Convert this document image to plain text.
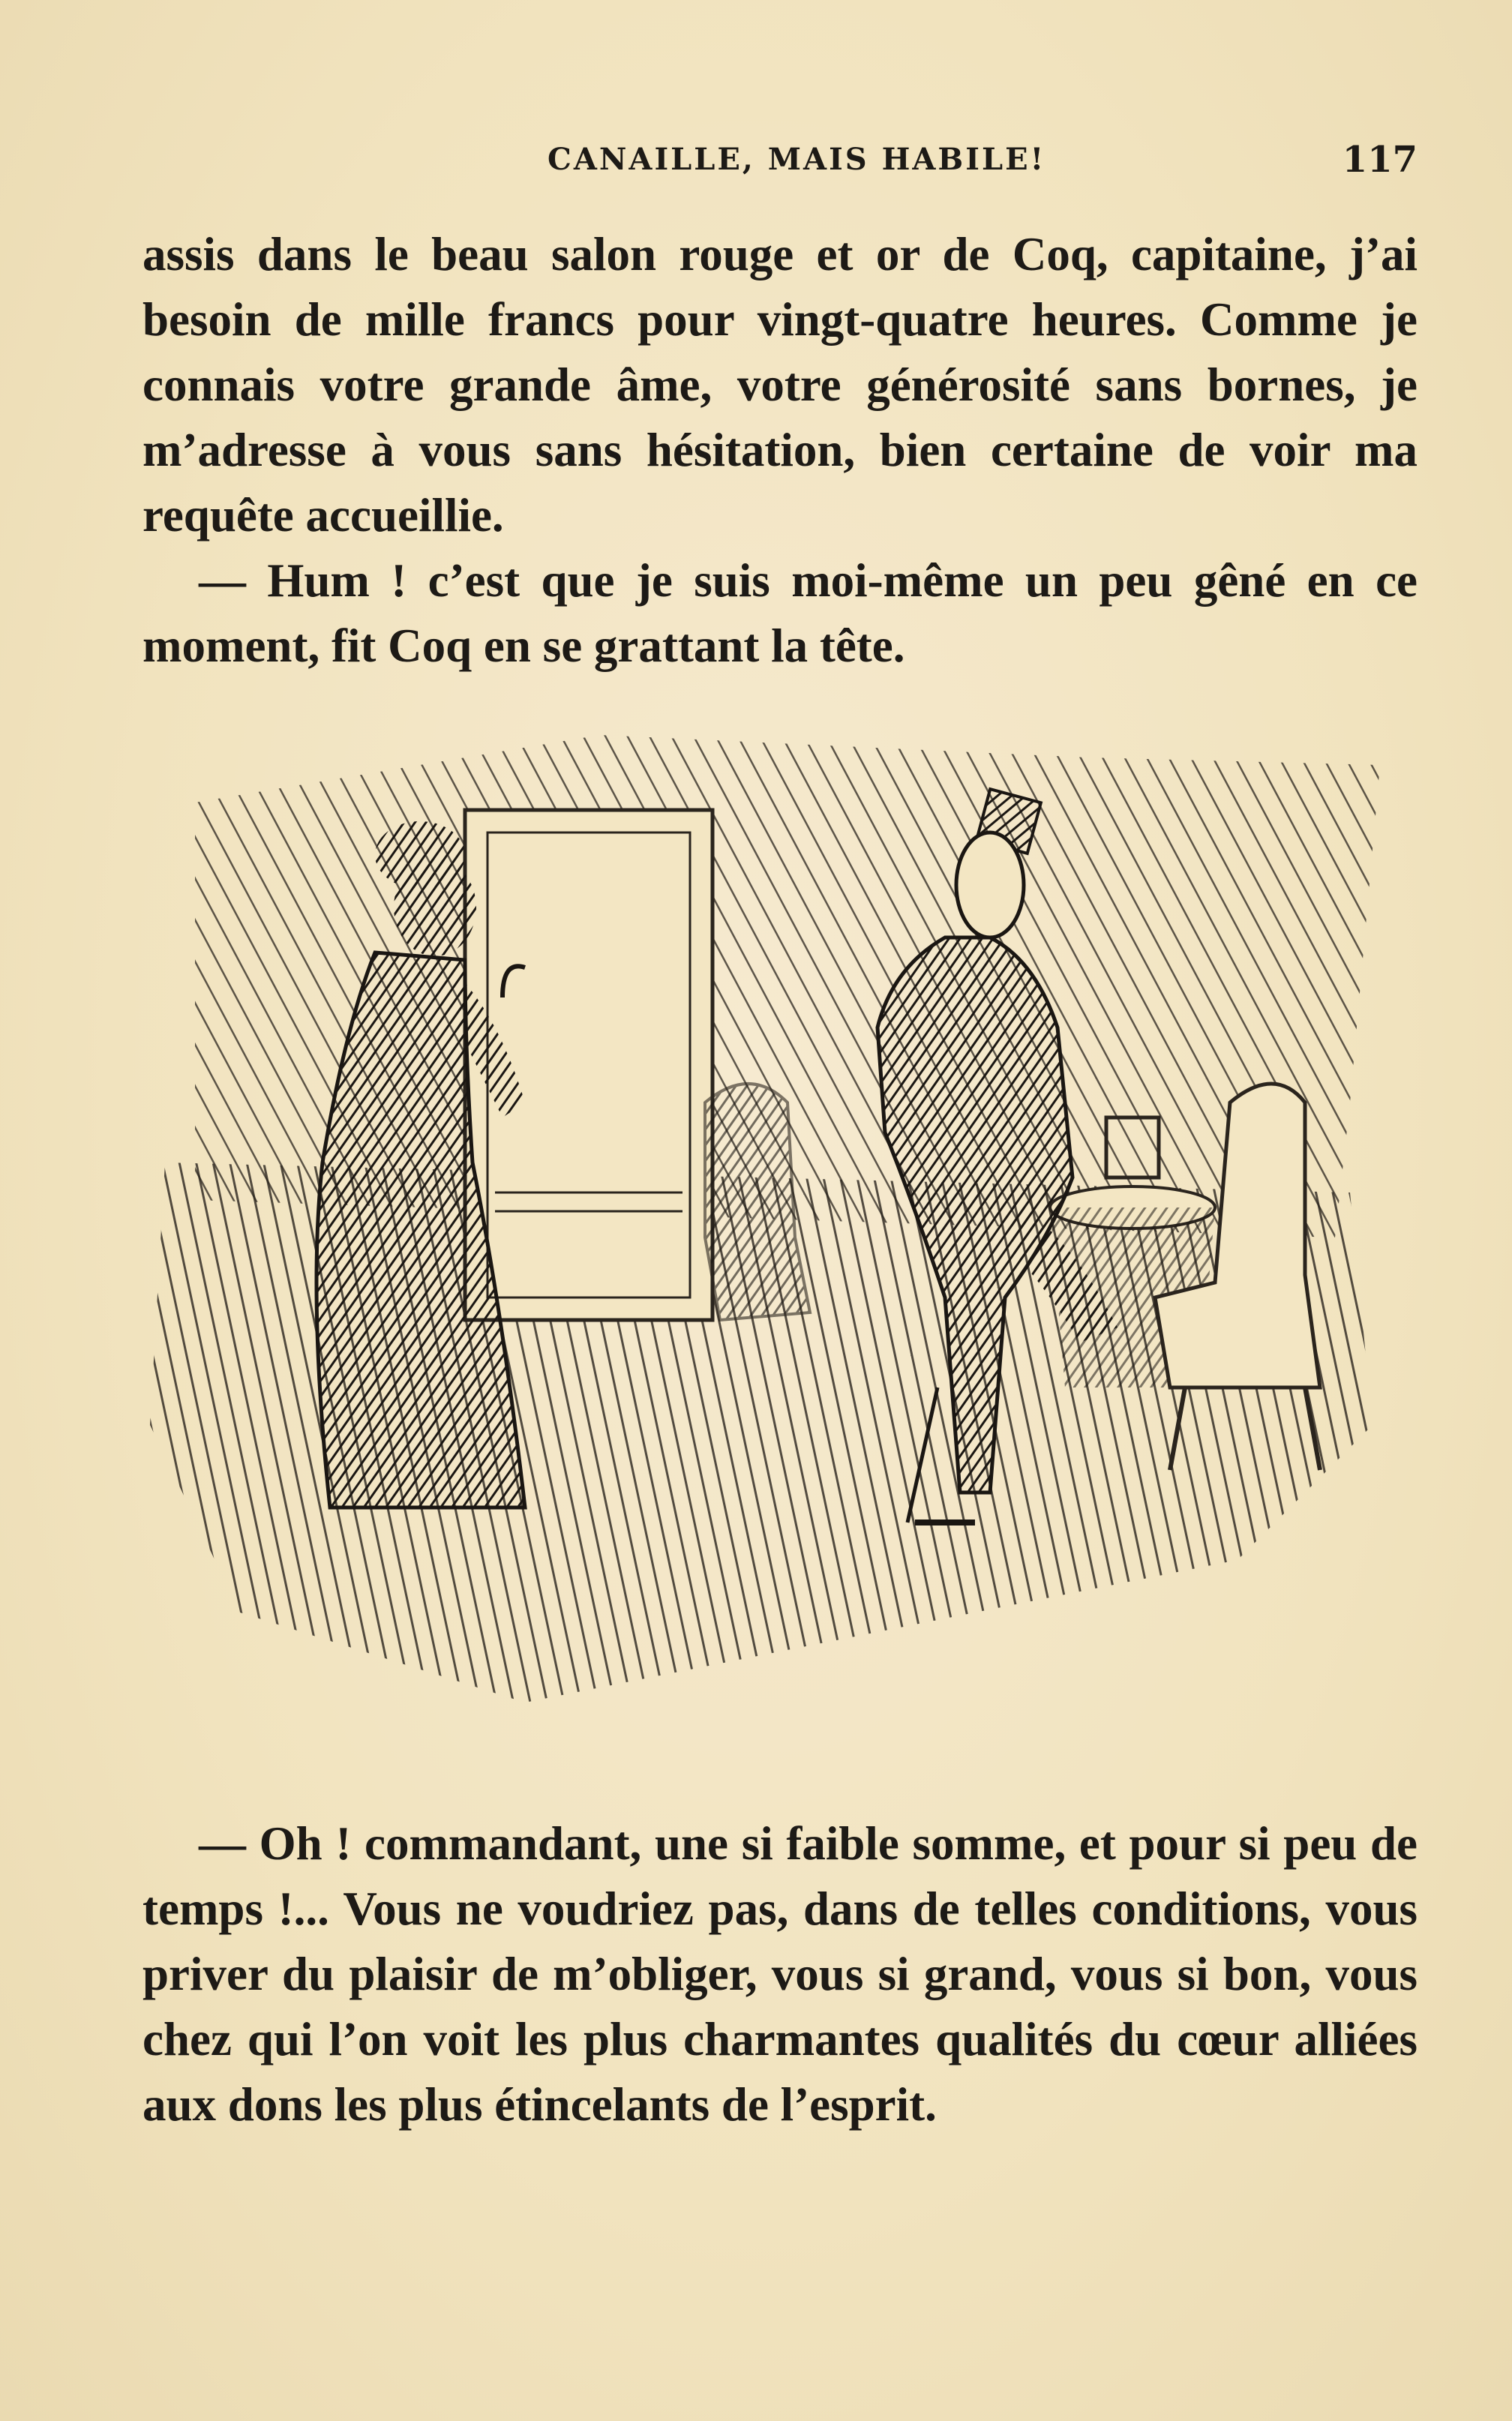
CANAILLE, MAIS HABILE!	117

assis dans le beau salon rouge et or de Coq, capitaine, j’ai besoin de mille francs pour vingt-quatre heures. Comme je connais votre grande âme, votre générosité sans bornes, je m’adresse à vous sans hésitation, bien certaine de voir ma requête accueillie.

— Hum ! c’est que je suis moi-même un peu gêné en ce moment, fit Coq en se grattant la tête.

— Oh ! commandant, une si faible somme, et pour si peu de temps !... Vous ne voudriez pas, dans de telles conditions, vous priver du plaisir de m’obliger, vous si grand, vous si bon, vous chez qui l’on voit les plus charmantes qualités du cœur alliées aux dons les plus étincelants de l’esprit.
